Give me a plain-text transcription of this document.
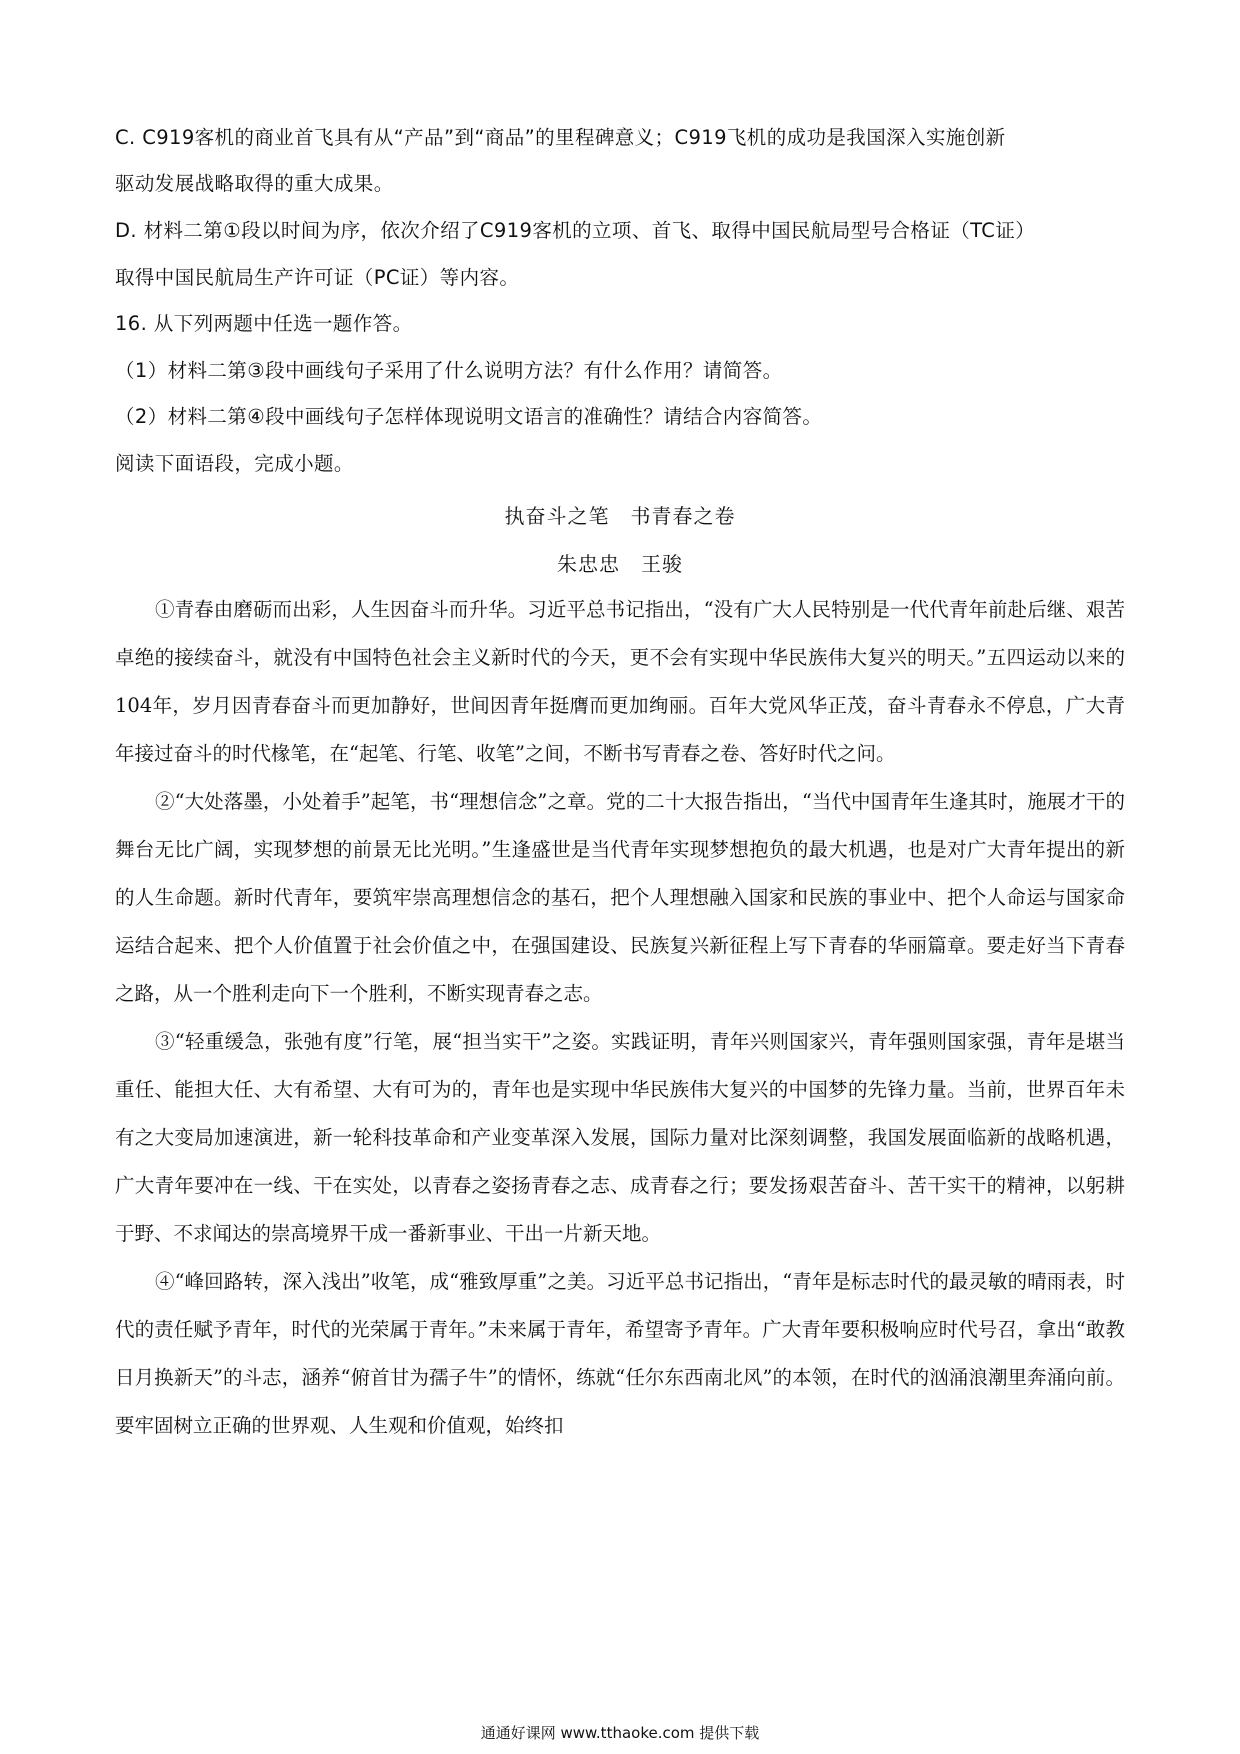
C. C919客机的商业首飞具有从“产品”到“商品”的里程碑意义；C919飞机的成功是我国深入实施创新
驱动发展战略取得的重大成果。
D. 材料二第①段以时间为序，依次介绍了C919客机的立项、首飞、取得中国民航局型号合格证（TC证）
取得中国民航局生产许可证（PC证）等内容。
16. 从下列两题中任选一题作答。
（1）材料二第③段中画线句子采用了什么说明方法？有什么作用？请简答。
（2）材料二第④段中画线句子怎样体现说明文语言的准确性？请结合内容简答。
阅读下面语段，完成小题。
执奋斗之笔　书青春之卷
朱忠忠　王骏

①青春由磨砺而出彩，人生因奋斗而升华。习近平总书记指出，“没有广大人民特别是一代代青年前赴后继、艰苦卓绝的接续奋斗，就没有中国特色社会主义新时代的今天，更不会有实现中华民族伟大复兴的明天。”五四运动以来的104年，岁月因青春奋斗而更加静好，世间因青年挺膺而更加绚丽。百年大党风华正茂，奋斗青春永不停息，广大青年接过奋斗的时代椽笔，在“起笔、行笔、收笔”之间，不断书写青春之卷、答好时代之问。

②“大处落墨，小处着手”起笔，书“理想信念”之章。党的二十大报告指出，“当代中国青年生逢其时，施展才干的舞台无比广阔，实现梦想的前景无比光明。”生逢盛世是当代青年实现梦想抱负的最大机遇，也是对广大青年提出的新的人生命题。新时代青年，要筑牢崇高理想信念的基石，把个人理想融入国家和民族的事业中、把个人命运与国家命运结合起来、把个人价值置于社会价值之中，在强国建设、民族复兴新征程上写下青春的华丽篇章。要走好当下青春之路，从一个胜利走向下一个胜利，不断实现青春之志。

③“轻重缓急，张弛有度”行笔，展“担当实干”之姿。实践证明，青年兴则国家兴，青年强则国家强，青年是堪当重任、能担大任、大有希望、大有可为的，青年也是实现中华民族伟大复兴的中国梦的先锋力量。当前，世界百年未有之大变局加速演进，新一轮科技革命和产业变革深入发展，国际力量对比深刻调整，我国发展面临新的战略机遇，广大青年要冲在一线、干在实处，以青春之姿扬青春之志、成青春之行；要发扬艰苦奋斗、苦干实干的精神，以躬耕于野、不求闻达的崇高境界干成一番新事业、干出一片新天地。

④“峰回路转，深入浅出”收笔，成“雅致厚重”之美。习近平总书记指出，“青年是标志时代的最灵敏的晴雨表，时代的责任赋予青年，时代的光荣属于青年。”未来属于青年，希望寄予青年。广大青年要积极响应时代号召，拿出“敢教日月换新天”的斗志，涵养“俯首甘为孺子牛”的情怀，练就“任尔东西南北风”的本领，在时代的汹涌浪潮里奔涌向前。要牢固树立正确的世界观、人生观和价值观，始终扣

通通好课网 www.tthaoke.com 提供下载
